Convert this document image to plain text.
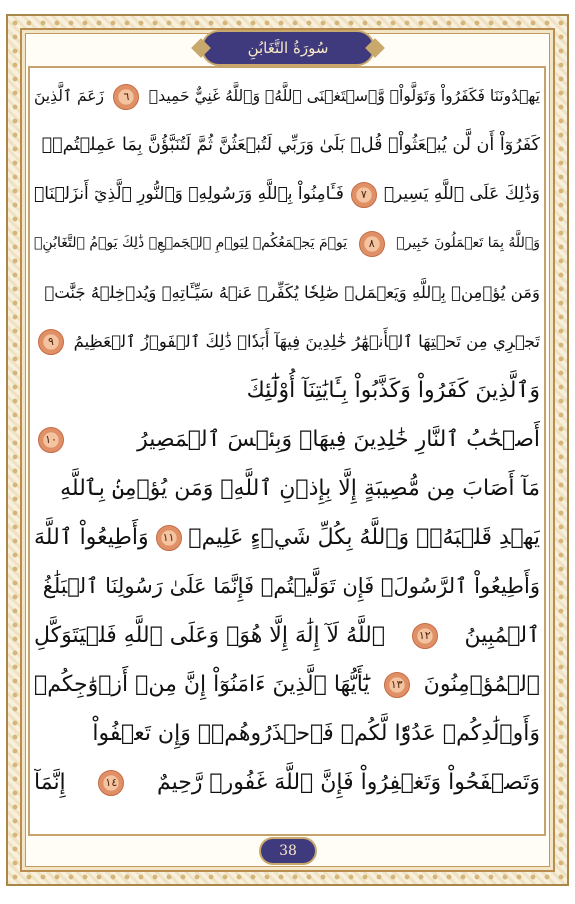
سُورَةُ التَّغَابُنِ
يَهۡدُونَنَا فَكَفَرُواْ وَتَوَلَّواْۚ وَّٱسۡتَغۡنَى ٱللَّهُۚ وَٱللَّهُ غَنِيٌّ حَمِيدٞ
٦
زَعَمَ ٱلَّذِينَ
كَفَرُوٓاْ أَن لَّن يُبۡعَثُواْۚ قُلۡ بَلَىٰ وَرَبِّي لَتُبۡعَثُنَّ ثُمَّ لَتُنَبَّؤُنَّ بِمَا عَمِلۡتُمۡۚ
وَذَٰلِكَ عَلَى ٱللَّهِ يَسِيرٞ
٧
فَـَٔامِنُواْ بِٱللَّهِ وَرَسُولِهِۦ وَٱلنُّورِ ٱلَّذِيٓ أَنزَلۡنَاۚ
وَٱللَّهُ بِمَا تَعۡمَلُونَ خَبِيرٞ
٨
يَوۡمَ يَجۡمَعُكُمۡ لِيَوۡمِ ٱلۡجَمۡعِۖ ذَٰلِكَ يَوۡمُ ٱلتَّغَابُنِۗ
وَمَن يُؤۡمِنۢ بِٱللَّهِ وَيَعۡمَلۡ صَٰلِحٗا يُكَفِّرۡ عَنۡهُ سَيِّـَٔاتِهِۦ وَيُدۡخِلۡهُ جَنَّٰتٖ
تَجۡرِي مِن تَحۡتِهَا ٱلۡأَنۡهَٰرُ خَٰلِدِينَ فِيهَآ أَبَدٗاۚ ذَٰلِكَ ٱلۡفَوۡزُ ٱلۡعَظِيمُ
٩
وَٱلَّذِينَ كَفَرُواْ وَكَذَّبُواْ بِـَٔايَٰتِنَآ أُوْلَٰٓئِكَ
أَصۡحَٰبُ ٱلنَّارِ خَٰلِدِينَ فِيهَاۖ وَبِئۡسَ ٱلۡمَصِيرُ
١٠
مَآ أَصَابَ مِن مُّصِيبَةٍ إِلَّا بِإِذۡنِ ٱللَّهِۗ وَمَن يُؤۡمِنۢ بِٱللَّهِ
يَهۡدِ قَلۡبَهُۥۚ وَٱللَّهُ بِكُلِّ شَيۡءٍ عَلِيمٞ
١١
وَأَطِيعُواْ ٱللَّهَ
وَأَطِيعُواْ ٱلرَّسُولَۚ فَإِن تَوَلَّيۡتُمۡ فَإِنَّمَا عَلَىٰ رَسُولِنَا ٱلۡبَلَٰغُ
ٱلۡمُبِينُ
١٢
ٱللَّهُ لَآ إِلَٰهَ إِلَّا هُوَۚ وَعَلَى ٱللَّهِ فَلۡيَتَوَكَّلِ
ٱلۡمُؤۡمِنُونَ
١٣
يَٰٓأَيُّهَا ٱلَّذِينَ ءَامَنُوٓاْ إِنَّ مِنۡ أَزۡوَٰجِكُمۡ
وَأَوۡلَٰدِكُمۡ عَدُوّٗا لَّكُمۡ فَٱحۡذَرُوهُمۡۚ وَإِن تَعۡفُواْ
وَتَصۡفَحُواْ وَتَغۡفِرُواْ فَإِنَّ ٱللَّهَ غَفُورٞ رَّحِيمٌ
١٤
إِنَّمَآ
38
